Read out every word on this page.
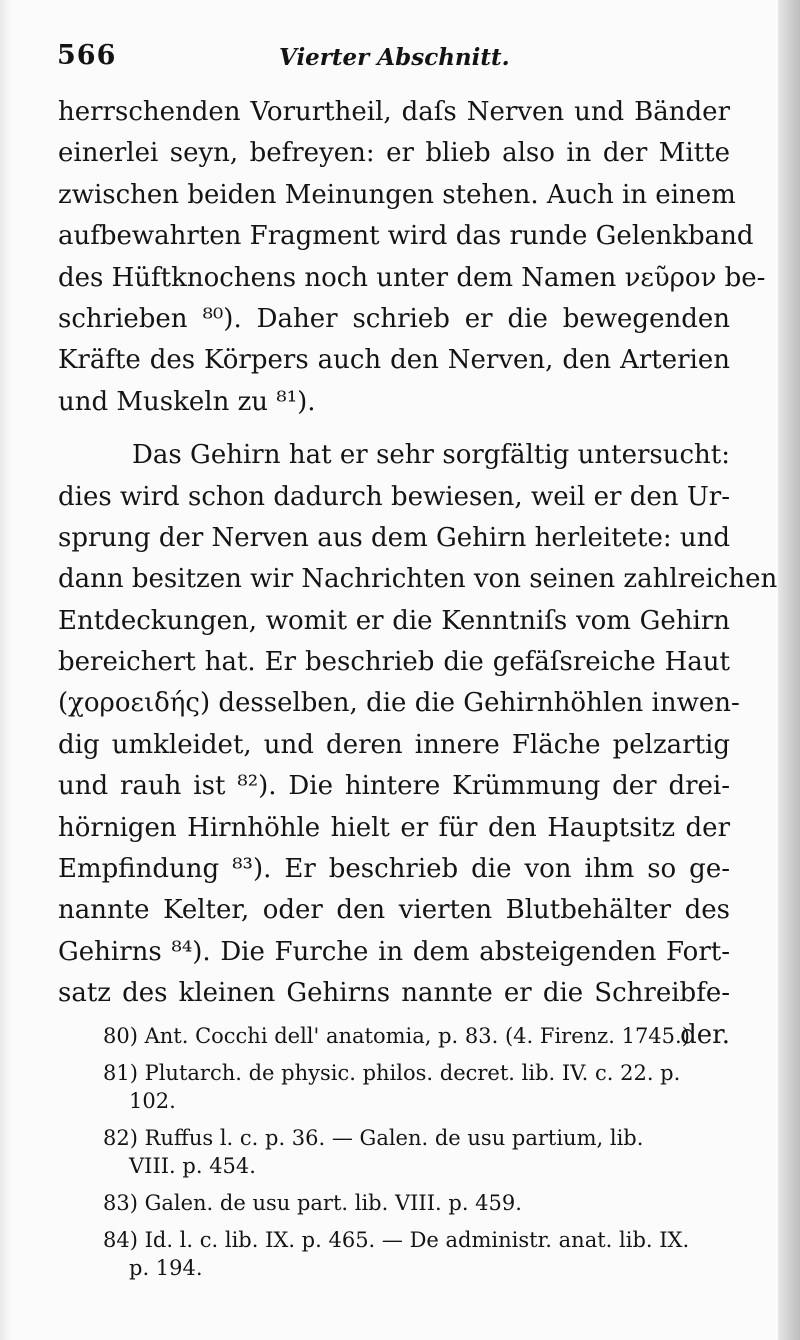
566	Vierter Abschnitt.
herrschenden Vorurtheil, daſs Nerven und Bänder
einerlei seyn, befreyen: er blieb also in der Mitte
zwischen beiden Meinungen stehen. Auch in einem
aufbewahrten Fragment wird das runde Gelenkband
des Hüftknochens noch unter dem Namen νεῦρον be-
schrieben ⁸⁰). Daher schrieb er die bewegenden
Kräfte des Körpers auch den Nerven, den Arterien
und Muskeln zu ⁸¹).
Das Gehirn hat er sehr sorgfältig untersucht:
dies wird schon dadurch bewiesen, weil er den Ur-
sprung der Nerven aus dem Gehirn herleitete: und
dann besitzen wir Nachrichten von seinen zahlreichen
Entdeckungen, womit er die Kenntniſs vom Gehirn
bereichert hat. Er beschrieb die gefäſsreiche Haut
(χοροειδής) desselben, die die Gehirnhöhlen inwen-
dig umkleidet, und deren innere Fläche pelzartig
und rauh ist ⁸²). Die hintere Krümmung der drei-
hörnigen Hirnhöhle hielt er für den Hauptsitz der
Empfindung ⁸³). Er beschrieb die von ihm so ge-
nannte Kelter, oder den vierten Blutbehälter des
Gehirns ⁸⁴). Die Furche in dem absteigenden Fort-
satz des kleinen Gehirns nannte er die Schreibfe-
der.
80) Ant. Cocchi dell' anatomia, p. 83. (4. Firenz. 1745.)
81) Plutarch. de physic. philos. decret. lib. IV. c. 22. p.
102.
82) Ruffus l. c. p. 36. — Galen. de usu partium, lib.
VIII. p. 454.
83) Galen. de usu part. lib. VIII. p. 459.
84) Id. l. c. lib. IX. p. 465. — De administr. anat. lib. IX.
p. 194.
